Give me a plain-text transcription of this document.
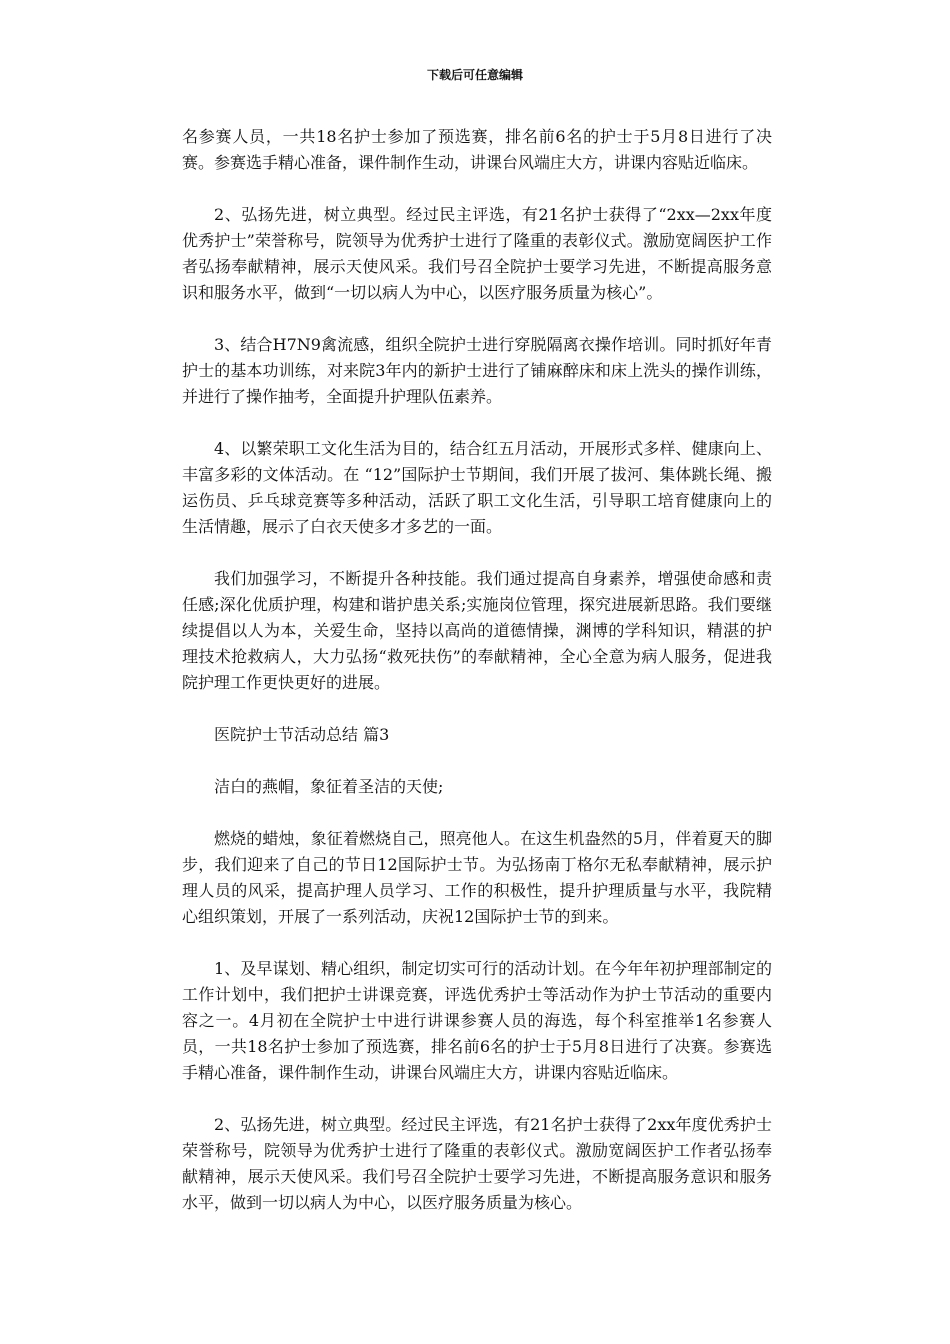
下载后可任意编辑

名参赛人员，一共18名护士参加了预选赛，排名前6名的护士于5月8日进行了决赛。参赛选手精心准备，课件制作生动，讲课台风端庄大方，讲课内容贴近临床。

2、弘扬先进，树立典型。经过民主评选，有21名护士获得了“2xx—2xx年度优秀护士”荣誉称号，院领导为优秀护士进行了隆重的表彰仪式。激励宽阔医护工作者弘扬奉献精神，展示天使风采。我们号召全院护士要学习先进，不断提高服务意识和服务水平，做到“一切以病人为中心，以医疗服务质量为核心”。

3、结合H7N9禽流感，组织全院护士进行穿脱隔离衣操作培训。同时抓好年青护士的基本功训练，对来院3年内的新护士进行了铺麻醉床和床上洗头的操作训练，并进行了操作抽考，全面提升护理队伍素养。

4、以繁荣职工文化生活为目的，结合红五月活动，开展形式多样、健康向上、丰富多彩的文体活动。在 “12”国际护士节期间，我们开展了拔河、集体跳长绳、搬运伤员、乒乓球竞赛等多种活动，活跃了职工文化生活，引导职工培育健康向上的生活情趣，展示了白衣天使多才多艺的一面。

我们加强学习，不断提升各种技能。我们通过提高自身素养，增强使命感和责任感;深化优质护理，构建和谐护患关系;实施岗位管理，探究进展新思路。我们要继续提倡以人为本，关爱生命，坚持以高尚的道德情操，渊博的学科知识，精湛的护理技术抢救病人，大力弘扬“救死扶伤”的奉献精神，全心全意为病人服务，促进我院护理工作更快更好的进展。

医院护士节活动总结 篇3

洁白的燕帽，象征着圣洁的天使;

燃烧的蜡烛，象征着燃烧自己，照亮他人。在这生机盎然的5月，伴着夏天的脚步，我们迎来了自己的节日12国际护士节。为弘扬南丁格尔无私奉献精神，展示护理人员的风采，提高护理人员学习、工作的积极性，提升护理质量与水平，我院精心组织策划，开展了一系列活动，庆祝12国际护士节的到来。

1、及早谋划、精心组织，制定切实可行的活动计划。在今年年初护理部制定的工作计划中，我们把护士讲课竞赛，评选优秀护士等活动作为护士节活动的重要内容之一。4月初在全院护士中进行讲课参赛人员的海选，每个科室推举1名参赛人员，一共18名护士参加了预选赛，排名前6名的护士于5月8日进行了决赛。参赛选手精心准备，课件制作生动，讲课台风端庄大方，讲课内容贴近临床。

2、弘扬先进，树立典型。经过民主评选，有21名护士获得了2xx年度优秀护士荣誉称号，院领导为优秀护士进行了隆重的表彰仪式。激励宽阔医护工作者弘扬奉献精神，展示天使风采。我们号召全院护士要学习先进，不断提高服务意识和服务水平，做到一切以病人为中心，以医疗服务质量为核心。
